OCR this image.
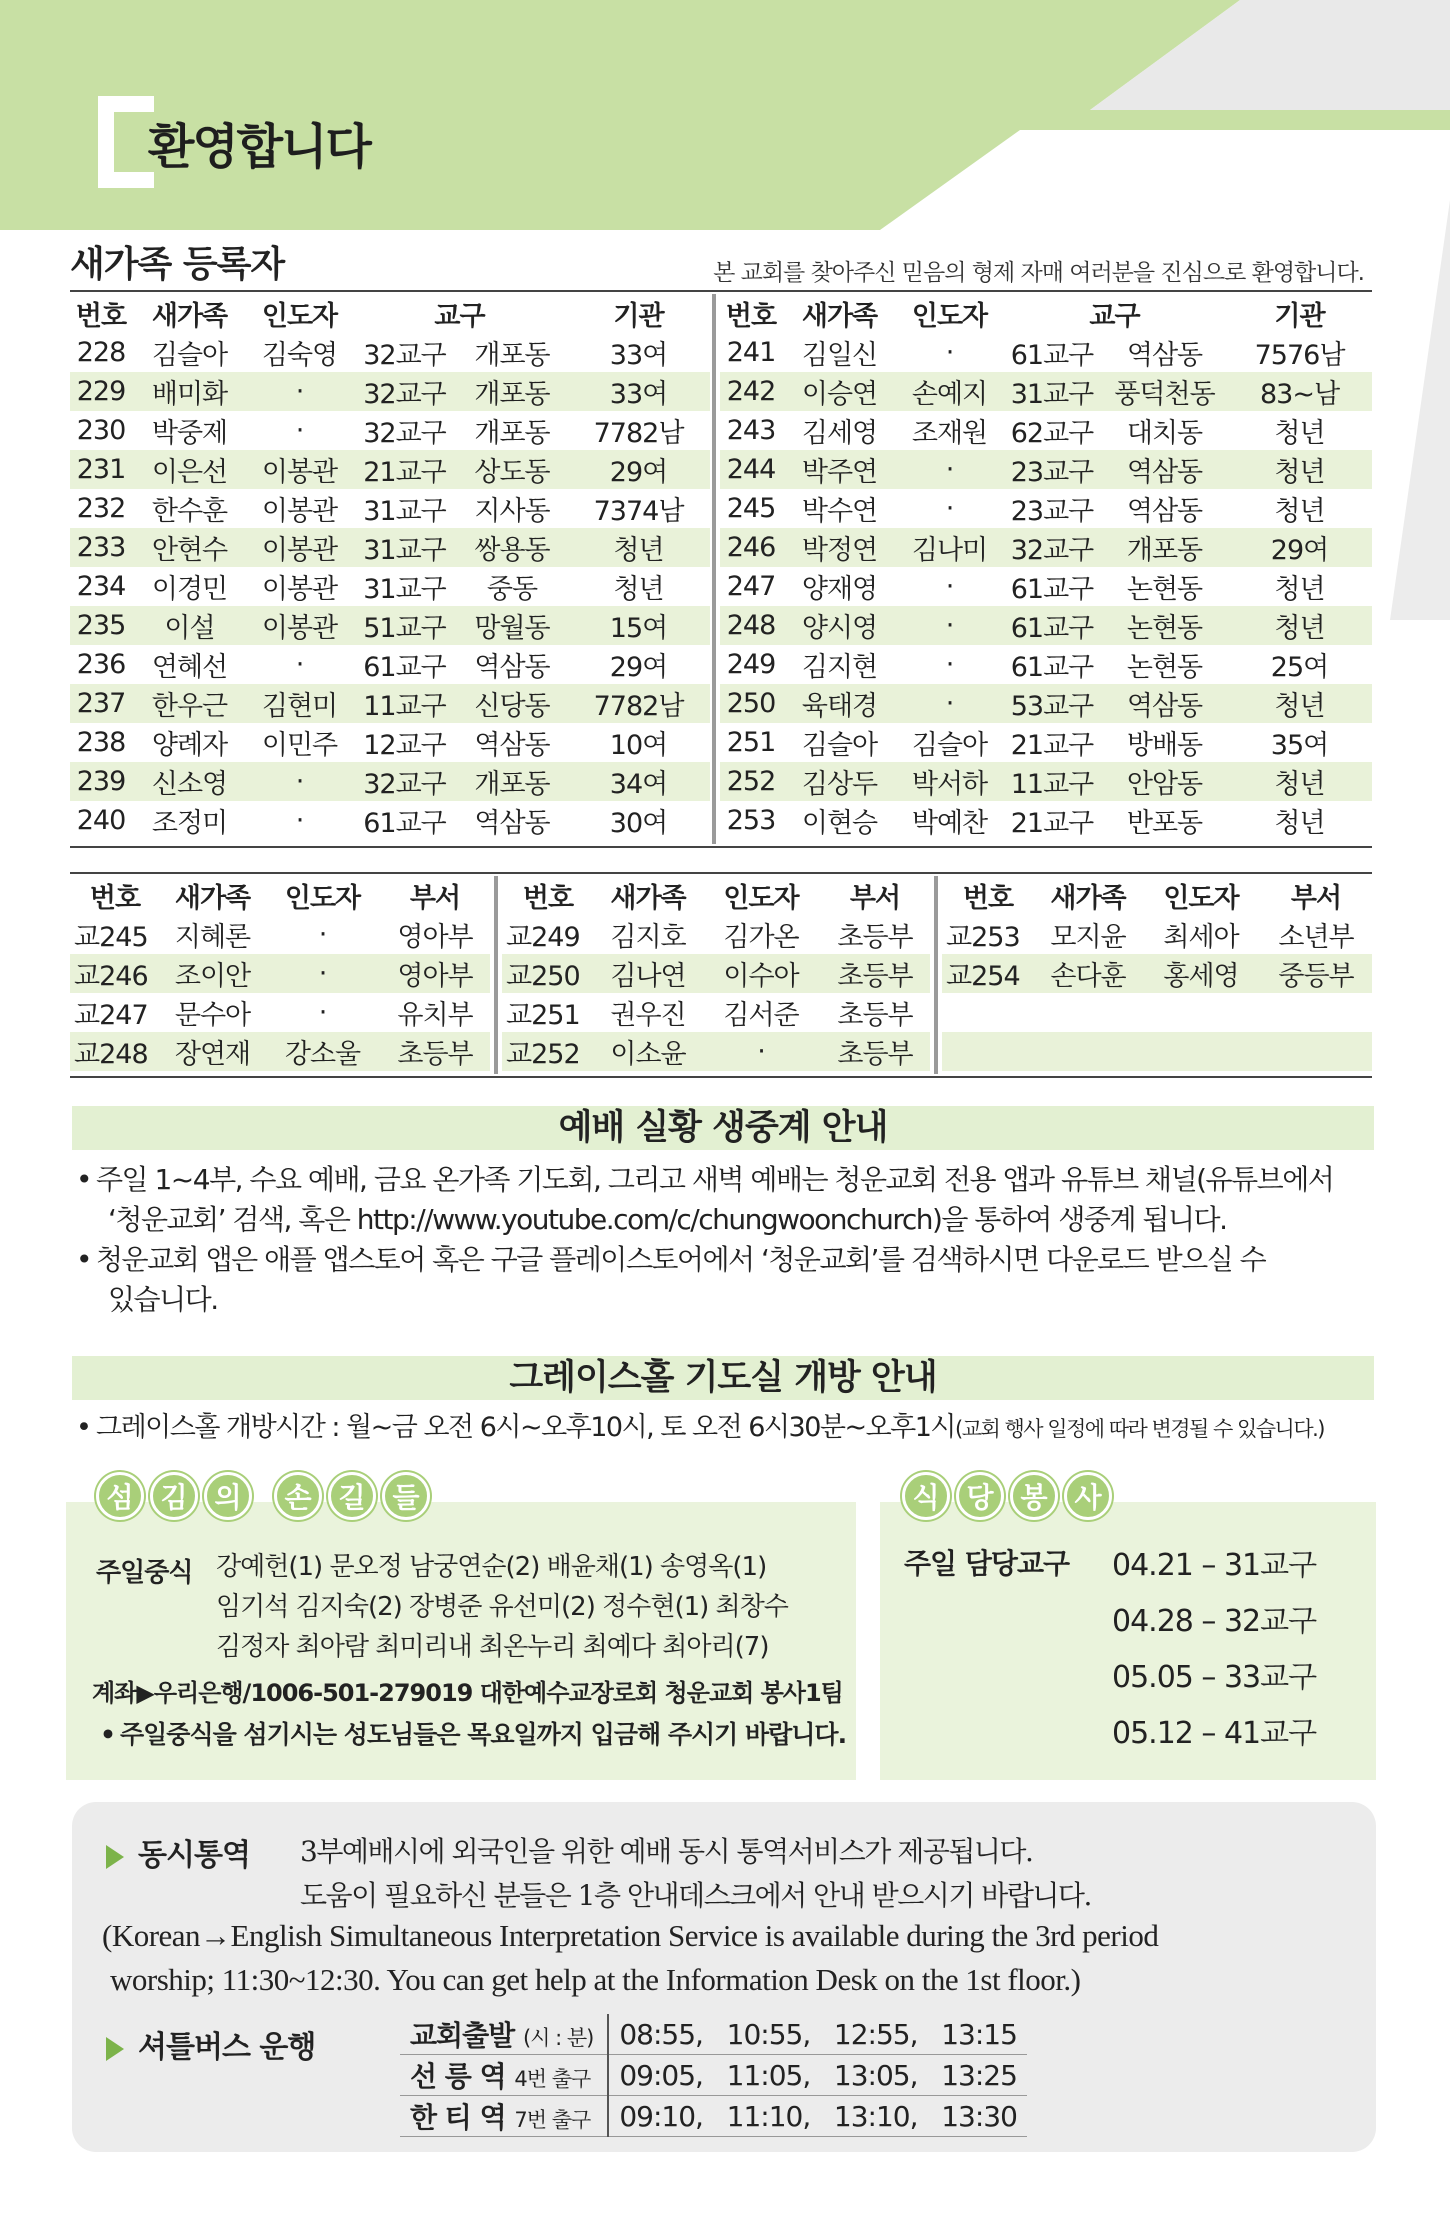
환영합니다
새가족 등록자	본 교회를 찾아주신 믿음의 형제 자매 여러분을 진심으로 환영합니다.
번호	새가족	인도자	교구		기관
228	김슬아	김숙영	32교구	개포동	33여
229	배미화	·	32교구	개포동	33여
230	박중제	·	32교구	개포동	7782남
231	이은선	이봉관	21교구	상도동	29여
232	한수훈	이봉관	31교구	지사동	7374남
233	안현수	이봉관	31교구	쌍용동	청년
234	이경민	이봉관	31교구	중동	청년
235	이설	이봉관	51교구	망월동	15여
236	연혜선	·	61교구	역삼동	29여
237	한우근	김현미	11교구	신당동	7782남
238	양례자	이민주	12교구	역삼동	10여
239	신소영	·	32교구	개포동	34여
240	조정미	·	61교구	역삼동	30여
번호	새가족	인도자	교구		기관
241	김일신	·	61교구	역삼동	7576남
242	이승연	손예지	31교구	풍덕천동	83~남
243	김세영	조재원	62교구	대치동	청년
244	박주연	·	23교구	역삼동	청년
245	박수연	·	23교구	역삼동	청년
246	박정연	김나미	32교구	개포동	29여
247	양재영	·	61교구	논현동	청년
248	양시영	·	61교구	논현동	청년
249	김지현	·	61교구	논현동	25여
250	육태경	·	53교구	역삼동	청년
251	김슬아	김슬아	21교구	방배동	35여
252	김상두	박서하	11교구	안암동	청년
253	이현승	박예찬	21교구	반포동	청년
번호	새가족	인도자	부서
교245	지혜론	·	영아부
교246	조이안	·	영아부
교247	문수아	·	유치부
교248	장연재	강소울	초등부
번호	새가족	인도자	부서
교249	김지호	김가온	초등부
교250	김나연	이수아	초등부
교251	권우진	김서준	초등부
교252	이소윤	·	초등부
번호	새가족	인도자	부서
교253	모지윤	최세아	소년부
교254	손다훈	홍세영	중등부

예배 실황 생중계 안내
• 주일 1~4부, 수요 예배, 금요 온가족 기도회, 그리고 새벽 예배는 청운교회 전용 앱과 유튜브 채널(유튜브에서
‘청운교회’ 검색, 혹은 http://www.youtube.com/c/chungwoonchurch)을 통하여 생중계 됩니다.
• 청운교회 앱은 애플 앱스토어 혹은 구글 플레이스토어에서 ‘청운교회’를 검색하시면 다운로드 받으실 수
있습니다.
그레이스홀 기도실 개방 안내
• 그레이스홀 개방시간 : 월~금 오전 6시~오후10시, 토 오전 6시30분~오후1시(교회 행사 일정에 따라 변경될 수 있습니다.)
섬 김 의	손 길 들
주일중식 강예헌(1) 문오정 남궁연순(2) 배윤채(1) 송영옥(1)
임기석 김지숙(2) 장병준 유선미(2) 정수현(1) 최창수
김정자 최아람 최미리내 최온누리 최예다 최아리(7)
계좌▶우리은행/1006-501-279019 대한예수교장로회 청운교회 봉사1팀
• 주일중식을 섬기시는 성도님들은 목요일까지 입금해 주시기 바랍니다.
식 당 봉 사
주일 담당교구 04.21 – 31교구
04.28 – 32교구
05.05 – 33교구
05.12 – 41교구
동시통역 3부예배시에 외국인을 위한 예배 동시 통역서비스가 제공됩니다.
도움이 필요하신 분들은 1층 안내데스크에서 안내 받으시기 바랍니다.
(Korean→English Simultaneous Interpretation Service is available during the 3rd period
worship; 11:30~12:30. You can get help at the Information Desk on the 1st floor.)
셔틀버스 운행	교회출발 (시 : 분)	08:55,   10:55,   12:55,   13:15
선 릉 역 4번 출구	09:05,   11:05,   13:05,   13:25
한 티 역 7번 출구	09:10,   11:10,   13:10,   13:30
